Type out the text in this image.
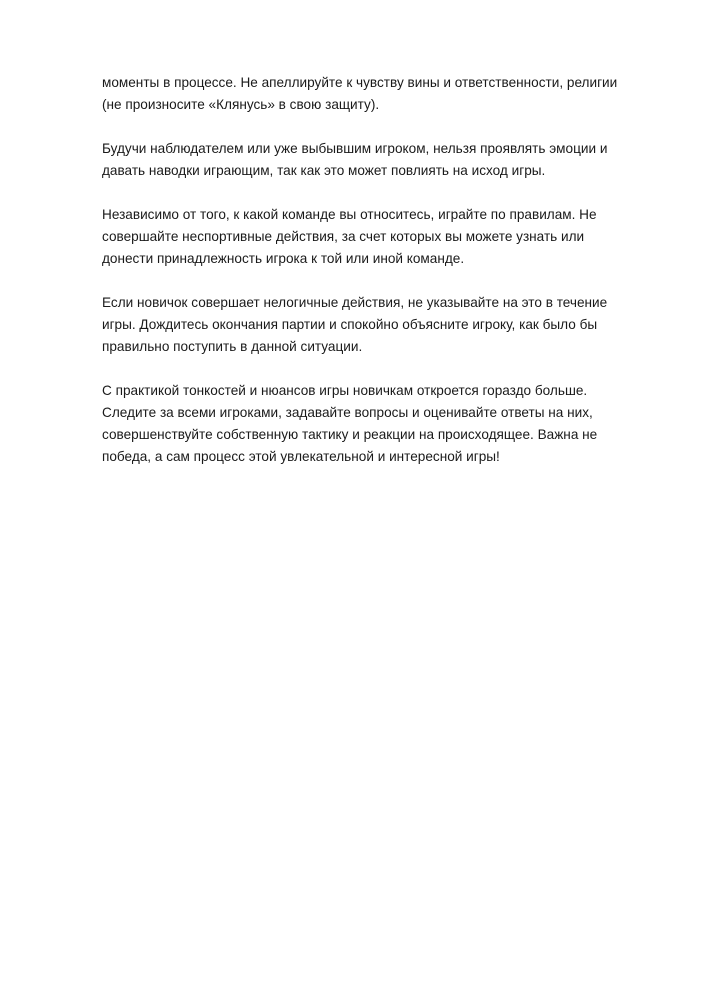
моменты в процессе. Не апеллируйте к чувству вины и ответственности, религии
(не произносите «Клянусь» в свою защиту).

Будучи наблюдателем или уже выбывшим игроком, нельзя проявлять эмоции и
давать наводки играющим, так как это может повлиять на исход игры.

Независимо от того, к какой команде вы относитесь, играйте по правилам. Не
совершайте неспортивные действия, за счет которых вы можете узнать или
донести принадлежность игрока к той или иной команде.

Если новичок совершает нелогичные действия, не указывайте на это в течение
игры. Дождитесь окончания партии и спокойно объясните игроку, как было бы
правильно поступить в данной ситуации.

С практикой тонкостей и нюансов игры новичкам откроется гораздо больше.
Следите за всеми игроками, задавайте вопросы и оценивайте ответы на них,
совершенствуйте собственную тактику и реакции на происходящее. Важна не
победа, а сам процесс этой увлекательной и интересной игры!
